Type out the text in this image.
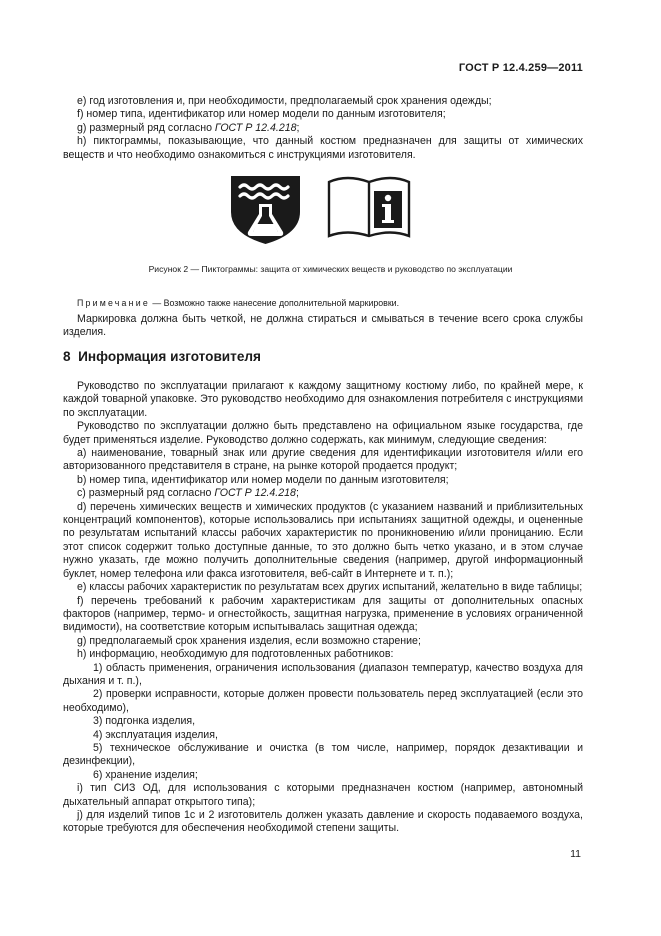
ГОСТ Р 12.4.259—2011

e) год изготовления и, при необходимости, предполагаемый срок хранения одежды;

f) номер типа, идентификатор или номер модели по данным изготовителя;

g) размерный ряд согласно ГОСТ Р 12.4.218;

h) пиктограммы, показывающие, что данный костюм предназначен для защиты от химических веществ и что необходимо ознакомиться с инструкциями изготовителя.

Рисунок 2 — Пиктограммы: защита от химических веществ и руководство по эксплуатации
Примечание — Возможно также нанесение дополнительной маркировки.

Маркировка должна быть четкой, не должна стираться и смываться в течение всего срока службы изделия.

8 Информация изготовителя

Руководство по эксплуатации прилагают к каждому защитному костюму либо, по крайней мере, к каждой товарной упаковке. Это руководство необходимо для ознакомления потребителя с инструкциями по эксплуатации.

Руководство по эксплуатации должно быть представлено на официальном языке государства, где будет применяться изделие. Руководство должно содержать, как минимум, следующие сведения:

a) наименование, товарный знак или другие сведения для идентификации изготовителя и/или его авторизованного представителя в стране, на рынке которой продается продукт;

b) номер типа, идентификатор или номер модели по данным изготовителя;

c) размерный ряд согласно ГОСТ Р 12.4.218;

d) перечень химических веществ и химических продуктов (с указанием названий и приблизительных концентраций компонентов), которые использовались при испытаниях защитной одежды, и оцененные по результатам испытаний классы рабочих характеристик по проникновению и/или проницанию. Если этот список содержит только доступные данные, то это должно быть четко указано, и в этом случае нужно указать, где можно получить дополнительные сведения (например, другой информационный буклет, номер телефона или факса изготовителя, веб-сайт в Интернете и т. п.);

e) классы рабочих характеристик по результатам всех других испытаний, желательно в виде таблицы;

f) перечень требований к рабочим характеристикам для защиты от дополнительных опасных факторов (например, термо- и огнестойкость, защитная нагрузка, применение в условиях ограниченной видимости), на соответствие которым испытывалась защитная одежда;

g) предполагаемый срок хранения изделия, если возможно старение;

h) информацию, необходимую для подготовленных работников:

1) область применения, ограничения использования (диапазон температур, качество воздуха для дыхания и т. п.),

2) проверки исправности, которые должен провести пользователь перед эксплуатацией (если это необходимо),

3) подгонка изделия,

4) эксплуатация изделия,

5) техническое обслуживание и очистка (в том числе, например, порядок дезактивации и дезинфекции),

6) хранение изделия;

i) тип СИЗ ОД, для использования с которыми предназначен костюм (например, автономный дыхательный аппарат открытого типа);

j) для изделий типов 1с и 2 изготовитель должен указать давление и скорость подаваемого воздуха, которые требуются для обеспечения необходимой степени защиты.

11
